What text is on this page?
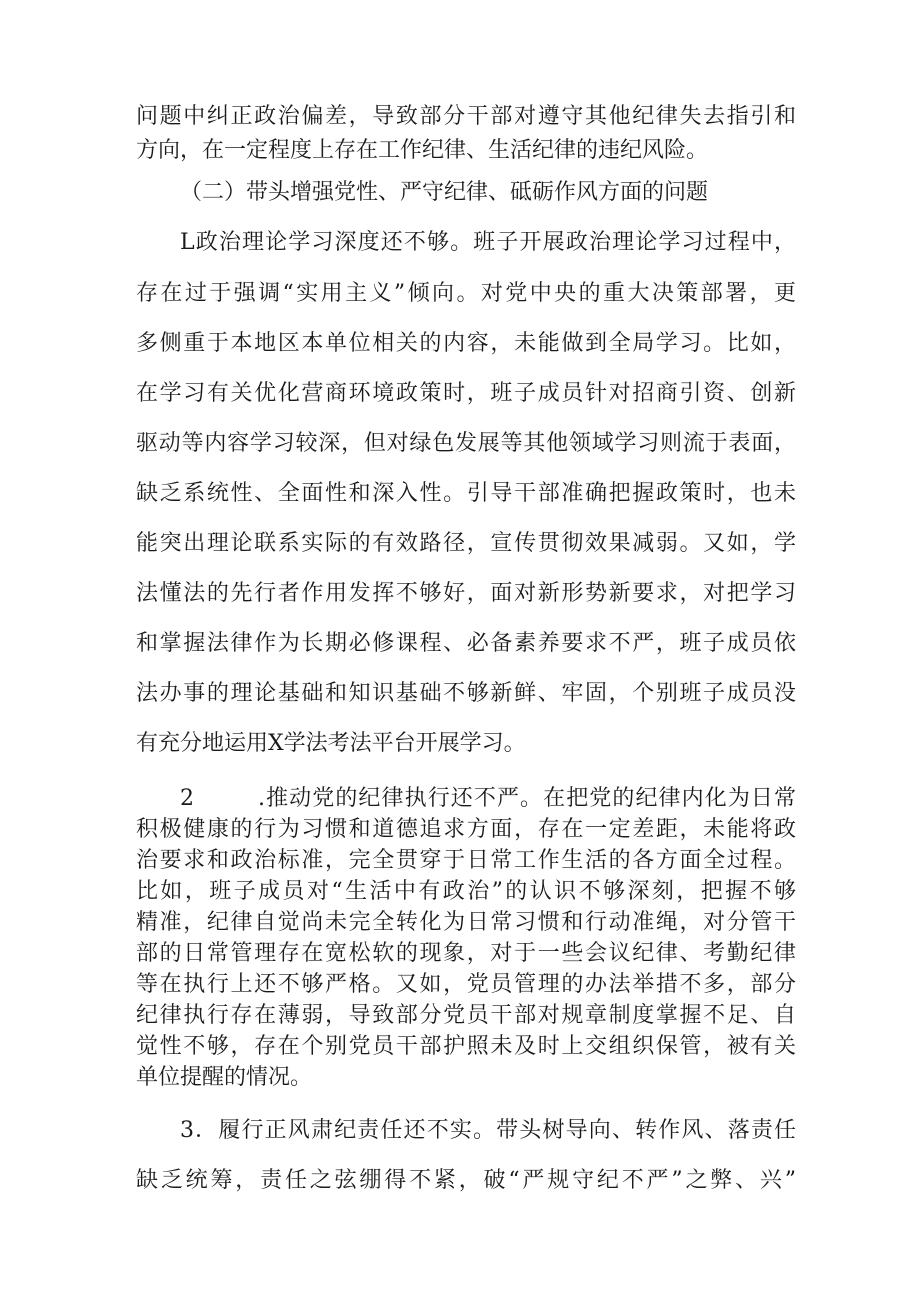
问题中纠正政治偏差，导致部分干部对遵守其他纪律失去指引和
方向，在一定程度上存在工作纪律、生活纪律的违纪风险。
（二）带头增强党性、严守纪律、砥砺作风方面的问题
L政治理论学习深度还不够。班子开展政治理论学习过程中，
存在过于强调“实用主义”倾向。对党中央的重大决策部署，更
多侧重于本地区本单位相关的内容，未能做到全局学习。比如，
在学习有关优化营商环境政策时，班子成员针对招商引资、创新
驱动等内容学习较深，但对绿色发展等其他领域学习则流于表面，
缺乏系统性、全面性和深入性。引导干部准确把握政策时，也未
能突出理论联系实际的有效路径，宣传贯彻效果减弱。又如，学
法懂法的先行者作用发挥不够好，面对新形势新要求，对把学习
和掌握法律作为长期必修课程、必备素养要求不严，班子成员依
法办事的理论基础和知识基础不够新鲜、牢固，个别班子成员没
有充分地运用X学法考法平台开展学习。
2	.推动党的纪律执行还不严。在把党的纪律内化为日常
积极健康的行为习惯和道德追求方面，存在一定差距，未能将政
治要求和政治标准，完全贯穿于日常工作生活的各方面全过程。
比如，班子成员对“生活中有政治”的认识不够深刻，把握不够
精准，纪律自觉尚未完全转化为日常习惯和行动准绳，对分管干
部的日常管理存在宽松软的现象，对于一些会议纪律、考勤纪律
等在执行上还不够严格。又如，党员管理的办法举措不多，部分
纪律执行存在薄弱，导致部分党员干部对规章制度掌握不足、自
觉性不够，存在个别党员干部护照未及时上交组织保管，被有关
单位提醒的情况。
3．履行正风肃纪责任还不实。带头树导向、转作风、落责任
缺乏统筹，责任之弦绷得不紧，破“严规守纪不严”之弊、兴”
